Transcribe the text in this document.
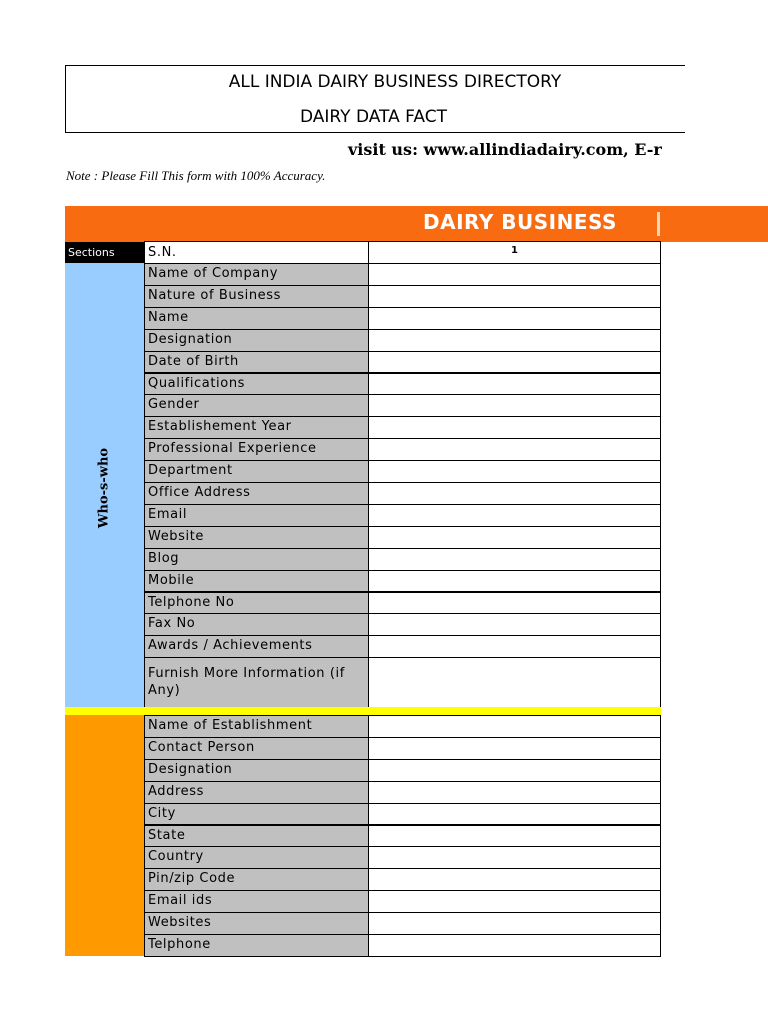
ALL INDIA DAIRY BUSINESS DIRECTORY
DAIRY DATA FACT
visit us: www.allindiadairy.com, E-r
Note : Please Fill This form with 100% Accuracy.
DAIRY BUSINESS
Sections	S.N.	1
Who-s-who
Name of Company
Nature of Business
Name
Designation
Date of Birth
Qualifications
Gender
Establishement Year
Professional Experience
Department
Office Address
Email
Website
Blog
Mobile
Telphone No
Fax No
Awards / Achievements
Furnish More Information (if Any)
Name of Establishment
Contact Person
Designation
Address
City
State
Country
Pin/zip Code
Email ids
Websites
Telphone
